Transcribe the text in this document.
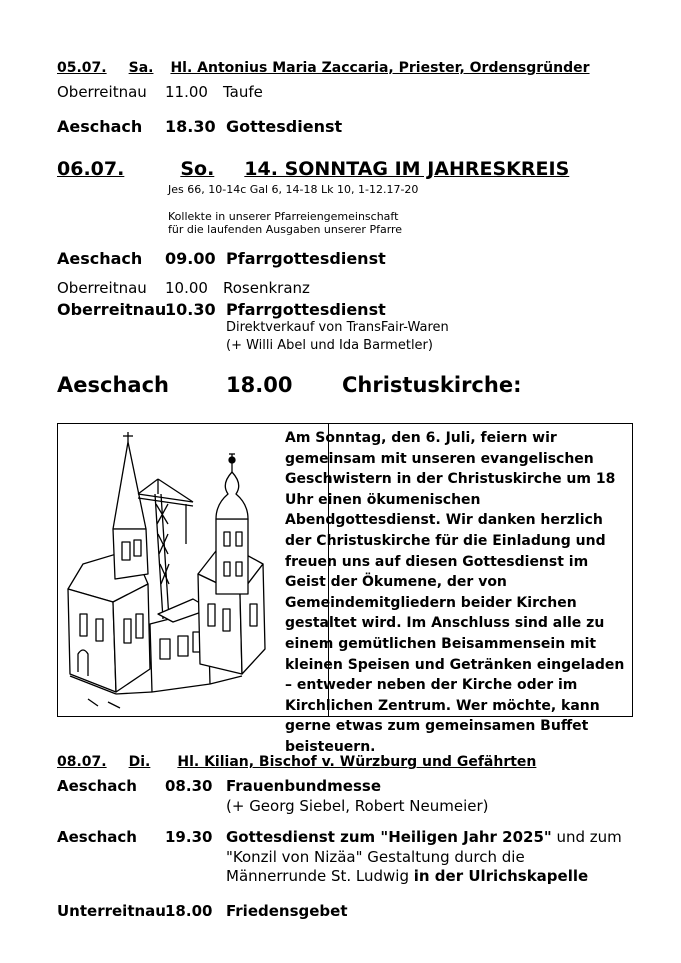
05.07. Sa. Hl. Antonius Maria Zaccaria, Priester, Ordensgründer
Oberreitnau 11.00 Taufe
Aeschach 18.30 Gottesdienst
06.07.	So. 14. SONNTAG IM JAHRESKREIS
Jes 66, 10-14c Gal 6, 14-18 Lk 10, 1-12.17-20
Kollekte in unserer Pfarreiengemeinschaft
für die laufenden Ausgaben unserer Pfarre
Aeschach 09.00 Pfarrgottesdienst
Oberreitnau 10.00 Rosenkranz
Oberreitnau
10.30 Pfarrgottesdienst
Direktverkauf von TransFair-Waren
(+ Willi Abel und Ida Barmetler)
Aeschach	18.00 Christuskirche:
Am Sonntag, den 6. Juli, feiern wir gemeinsam mit unseren evangelischen Geschwistern in der Christuskirche um 18 Uhr einen ökumenischen Abendgottesdienst. Wir danken herzlich der Christuskirche für die Einladung und freuen uns auf diesen Gottesdienst im Geist der Ökumene, der von Gemeindemitgliedern beider Kirchen gestaltet wird. Im Anschluss sind alle zu einem gemütlichen Beisammensein mit kleinen Speisen und Getränken eingeladen – entweder neben der Kirche oder im Kirchlichen Zentrum. Wer möchte, kann gerne etwas zum gemeinsamen Buffet beisteuern.
08.07. Di. Hl. Kilian, Bischof v. Würzburg und Gefährten
Aeschach 08.30 Frauenbundmesse
(+ Georg Siebel, Robert Neumeier)
Aeschach 19.30 Gottesdienst zum "Heiligen Jahr 2025" und zum
"Konzil von Nizäa" Gestaltung durch die
Männerrunde St. Ludwig in der Ulrichskapelle
Unterreitnau 18.00 Friedensgebet
